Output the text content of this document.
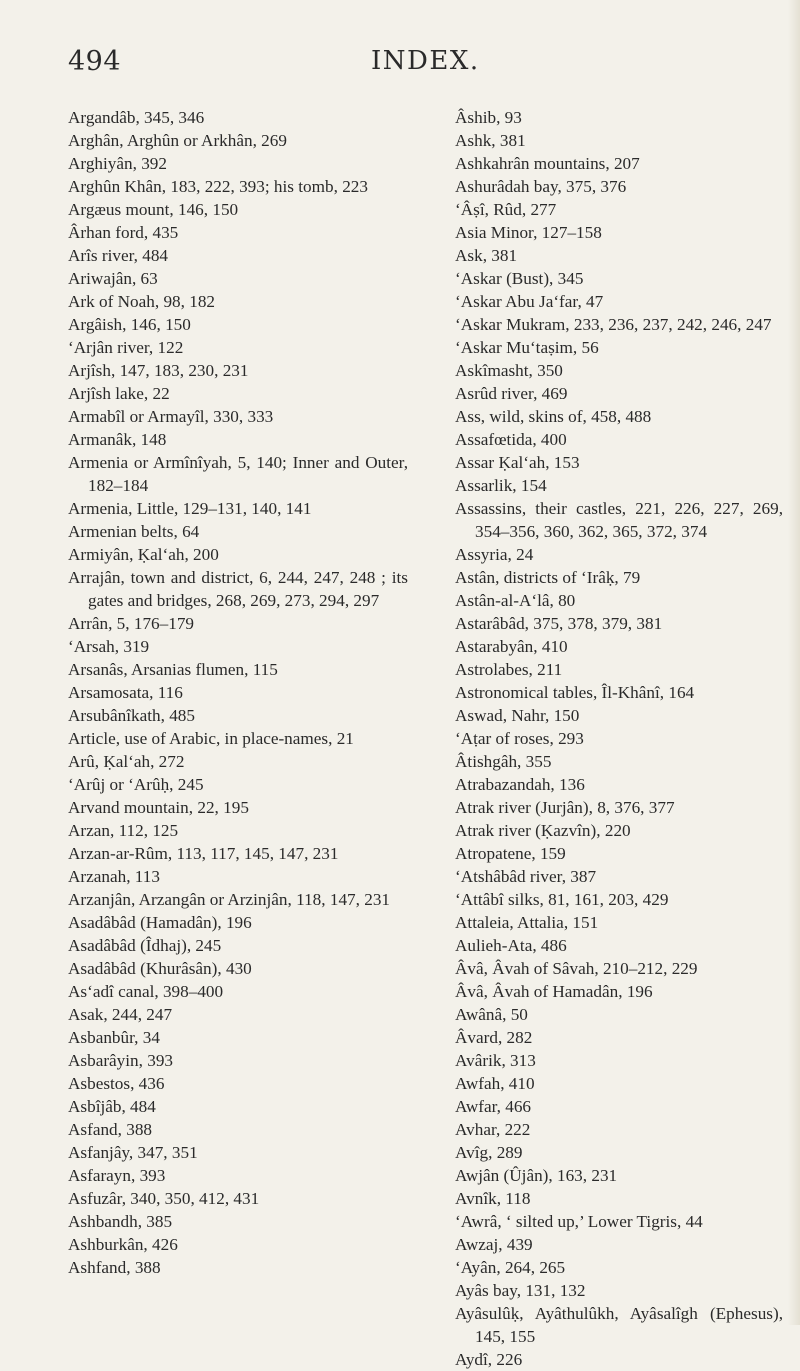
494	INDEX.

Argandâb, 345, 346

Arghân, Arghûn or Arkhân, 269

Arghiyân, 392

Arghûn Khân, 183, 222, 393; his tomb, 223

Argæus mount, 146, 150

Ârhan ford, 435

Arîs river, 484

Ariwajân, 63

Ark of Noah, 98, 182

Argâish, 146, 150

‘Arjân river, 122

Arjîsh, 147, 183, 230, 231

Arjîsh lake, 22

Armabîl or Armayîl, 330, 333

Armanâk, 148

Armenia or Armînîyah, 5, 140; Inner and Outer, 182–184

Armenia, Little, 129–131, 140, 141

Armenian belts, 64

Armiyân, Ḳal‘ah, 200

Arrajân, town and district, 6, 244, 247, 248 ; its gates and bridges, 268, 269, 273, 294, 297

Arrân, 5, 176–179

‘Arsah, 319

Arsanâs, Arsanias flumen, 115

Arsamosata, 116

Arsubânîkath, 485

Article, use of Arabic, in place-names, 21

Arû, Ḳal‘ah, 272

‘Arûj or ‘Arûḥ, 245

Arvand mountain, 22, 195

Arzan, 112, 125

Arzan-ar-Rûm, 113, 117, 145, 147, 231

Arzanah, 113

Arzanjân, Arzangân or Arzinjân, 118, 147, 231

Asadâbâd (Hamadân), 196

Asadâbâd (Îdhaj), 245

Asadâbâd (Khurâsân), 430

As‘adî canal, 398–400

Asak, 244, 247

Asbanbûr, 34

Asbarâyin, 393

Asbestos, 436

Asbîjâb, 484

Asfand, 388

Asfanjây, 347, 351

Asfarayn, 393

Asfuzâr, 340, 350, 412, 431

Ashbandh, 385

Ashburkân, 426

Ashfand, 388

Âshib, 93

Ashk, 381

Ashkahrân mountains, 207

Ashurâdah bay, 375, 376

‘Âṣî, Rûd, 277

Asia Minor, 127–158

Ask, 381

‘Askar (Bust), 345

‘Askar Abu Ja‘far, 47

‘Askar Mukram, 233, 236, 237, 242, 246, 247

‘Askar Mu‘taṣim, 56

Askîmasht, 350

Asrûd river, 469

Ass, wild, skins of, 458, 488

Assafœtida, 400

Assar Ḳal‘ah, 153

Assarlik, 154

Assassins, their castles, 221, 226, 227, 269, 354–356, 360, 362, 365, 372, 374

Assyria, 24

Astân, districts of ‘Irâḳ, 79

Astân-al-A‘lâ, 80

Astarâbâd, 375, 378, 379, 381

Astarabyân, 410

Astrolabes, 211

Astronomical tables, Îl-Khânî, 164

Aswad, Nahr, 150

‘Aṭar of roses, 293

Âtishgâh, 355

Atrabazandah, 136

Atrak river (Jurjân), 8, 376, 377

Atrak river (Ḳazvîn), 220

Atropatene, 159

‘Atshâbâd river, 387

‘Attâbî silks, 81, 161, 203, 429

Attaleia, Attalia, 151

Aulieh-Ata, 486

Âvâ, Âvah of Sâvah, 210–212, 229

Âvâ, Âvah of Hamadân, 196

Awânâ, 50

Âvard, 282

Avârik, 313

Awfah, 410

Awfar, 466

Avhar, 222

Avîg, 289

Awjân (Ûjân), 163, 231

Avnîk, 118

‘Awrâ, ‘ silted up,’ Lower Tigris, 44

Awzaj, 439

‘Ayân, 264, 265

Ayâs bay, 131, 132

Ayâsulûḳ, Ayâthulûkh, Ayâsalîgh (Ephesus), 145, 155

Aydî, 226
